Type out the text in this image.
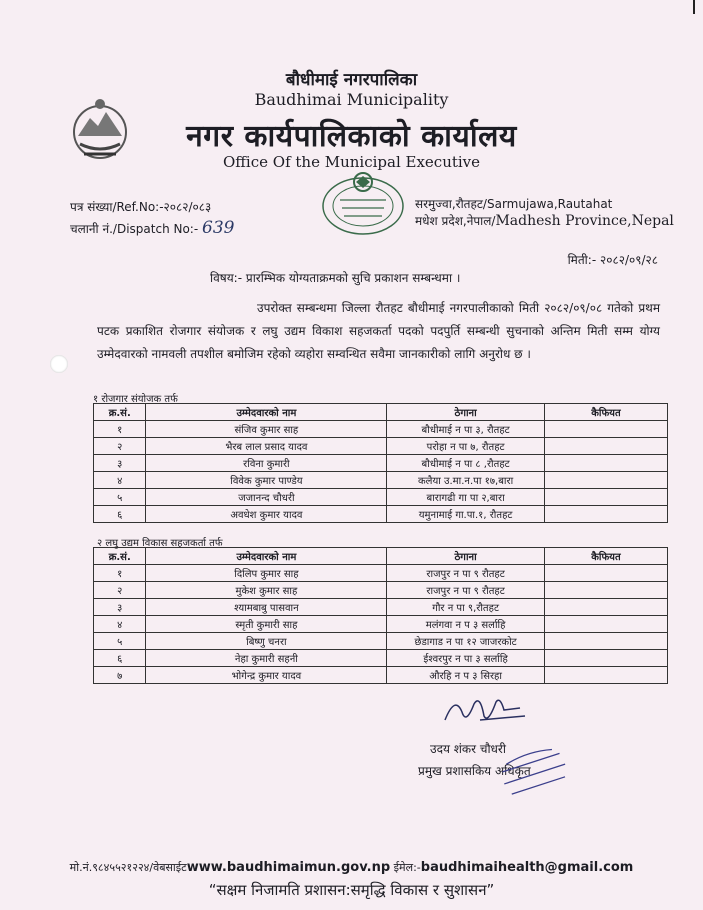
बौधीमाई नगरपालिका
Baudhimai Municipality
नगर कार्यपालिकाको कार्यालय
Office Of the Municipal Executive
पत्र संख्या/Ref.No:-२०८२/०८३
चलानी नं./Dispatch No:- 639
सरमुज्वा,रौतहट/Sarmujawa,Rautahat
मधेश प्रदेश,नेपाल/Madhesh Province,Nepal
मिती:- २०८२/०९/२८
विषय:- प्रारम्भिक योग्यताक्रमको सुचि प्रकाशन सम्बन्धमा ।
उपरोक्त सम्बन्धमा जिल्ला रौतहट बौधीमाई नगरपालीकाको मिती २०८२/०९/०८ गतेको प्रथम पटक प्रकाशित रोजगार संयोजक र लघु उद्यम विकाश सहजकर्ता पदको पदपुर्ति सम्बन्धी सुचनाको अन्तिम मिती सम्म योग्य उम्मेदवारको नामवली तपशील बमोजिम रहेको व्यहोरा सम्वन्धित सवैमा जानकारीको लागि अनुरोध छ ।
१ रोजगार संयोजक तर्फ
क्र.सं.	उम्मेदवारको नाम	ठेगाना	कैफियत
१	संजिव कुमार साह	बौधीमाई न पा ३, रौतहट	
२	भैरब लाल प्रसाद यादव	परोहा न पा ७, रौतहट	
३	रविना कुमारी	बौधीमाई न पा ८ ,रौतहट	
४	विवेक कुमार पाण्डेय	कलैया उ.मा.न.पा १७,बारा	
५	जजानन्द चौधरी	बारागढी गा पा २,बारा	
६	अवधेश कुमार यादव	यमुनामाई गा.पा.१, रौतहट	
२ लघु उद्यम विकास सहजकर्ता तर्फ
क्र.सं.	उम्मेदवारको नाम	ठेगाना	कैफियत
१	दिलिप कुमार साह	राजपुर न पा ९ रौतहट	
२	मुकेश कुमार साह	राजपुर न पा ९ रौतहट	
३	श्यामबाबु पासवान	गौर न पा ९,रौतहट	
४	स्मृती कुमारी साह	मलंगवा न प ३ सर्लाहि	
५	बिष्णु चनरा	छेडागाड न पा १२ जाजरकोट	
६	नेहा कुमारी सहनी	ईश्वरपुर न पा ३ सर्लाहि	
७	भोगेन्द्र कुमार यादव	औरहि न प ३ सिरहा	
उदय शंकर चौधरी
प्रमुख प्रशासकिय अधिकृत
मो.नं.९८४५५२१२२४/वेबसाईटwww.baudhimaimun.gov.np ईमेल:-baudhimaihealth@gmail.com
“सक्षम निजामति प्रशासन:समृद्धि विकास र सुशासन”
